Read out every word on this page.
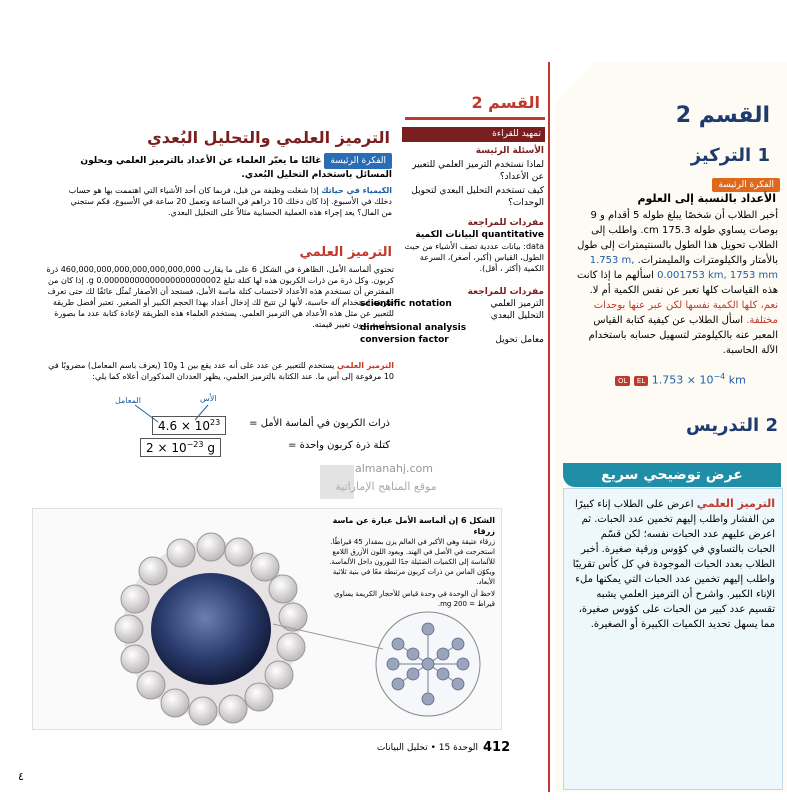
القسم 2
تمهيد للقراءة
الأسئلة الرئيسة
لماذا نستخدم الترميز العلمي للتعبير عن الأعداد؟
كيف تستخدم التحليل البعدي لتحويل الوحدات؟
مفردات للمراجعة
quantitative البيانات الكمية
data: بيانات عددية تصف الأشياء من حيث الطول، القياس (أكبر، أصغر)، السرعة الكمية (أكثر ، أقل).
مفردات للمراجعة
الترميز العلمي
scientific notation
التحليل البعدي
dimensional analysis
معامل تحويل
conversion factor
الترميز العلمي والتحليل البُعدي
الفكرة الرئيسة غالبًا ما يعبّر العلماء عن الأعداد بالترميز العلمي ويحلون المسائل باستخدام التحليل البُعدي.
الكيمياء في حياتك إذا شغلت وظيفة من قبل، فربما كان أحد الأشياء التي اهتممت بها هو حساب دخلك في الأسبوع. إذا كان دخلك 10 دراهم في الساعة وتعمل 20 ساعة في الأسبوع، فكم ستجني من المال؟ يعد إجراء هذه العملية الحسابية مثالاً على التحليل البعدي.
الترميز العلمي
تحتوي ألماسة الأمل، الظاهرة في الشكل 6 على ما يقارب 460,000,000,000,000,000,000,000 ذرة كربون. وكل ذرة من ذرات الكربون هذه لها كتلة تبلغ 0.00000000000000000000002 g. إذا كان من المفترض أن تستخدم هذه الأعداد لاحتساب كتلة ماسة الأمل، فستجد أن الأصفار تُمثّل عائقًا لك حتى تعرف طريقة استخدام آلة حاسبة، لأنها لن تتيح لك إدخال أعداد بهذا الحجم الكبير أو الصغير. تعتبر أفضل طريقة للتعبير عن مثل هذه الأعداد هي الترميز العلمي. يستخدم العلماء هذه الطريقة لإعادة كتابة عدد ما بصورة مناسبة بدون تغيير قيمته.
الترميز العلمي يستخدم للتعبير عن عدد على أنه عدد يقع بين 1 و10 (يعرف باسم المعامل) مضروبًا في 10 مرفوعة إلى أس ما. عند الكتابة بالترميز العلمي، يظهر العددان المذكوران أعلاه كما يلي:
المعامل	الأس
ذرات الكربون في ألماسة الأمل =
$4.6 \times 10^{23}$
كتلة ذرة كربون واحدة =
$2 \times 10^{-23}$ g
almanahj.com
موقع المناهج الإماراتية
الشكل 6 إن ألماسة الأمل عبارة عن ماسة زرقاء
زرقاء عتيقة وهي الأكبر في العالم يزن بمقدار 45 قيراطًا. استخرجت في الأصل في الهند. ويعود اللون الأزرق اللامع للألماسة إلى الكميات الضئيلة جدًا للبورون داخل الألماسة. ويكوّن الماس من ذرات كربون مرتبطة معًا في بنية ثلاثية الأبعاد.
لاحظ أن الوحدة في وحدة قياس للأحجار الكريمة يساوي قيراط = 200 mg.
412
الوحدة 15 • تحليل البيانات
٤
القسم 2
1 التركيز
الفكرة الرئيسة
الأعداد بالنسبة إلى العلوم
أخبر الطلاب أن شخصًا يبلغ طوله 5 أقدام و 9 بوصات يساوي طوله 175.3 cm. واطلب إلى الطلاب تحويل هذا الطول بالسنتيمترات إلى طول بالأمتار والكيلومترات والمليمترات. 1.753 m, 0.001753 km, 1753 mm اسألهم ما إذا كانت هذه القياسات كلها تعبر عن نفس الكمية أم لا. نعم، كلها الكمية نفسها لكن عبر عنها بوحدات مختلفة. اسأل الطلاب عن كيفية كتابة القياس المعبر عنه بالكيلومتر لتسهيل حسابه باستخدام الآلة الحاسبة.
OL EL $1.753 \times 10^{-4}$ km
2 التدريس
عرض توضيحي سريع
الترميز العلمي اعرض على الطلاب إناء كبيرًا من الفشار واطلب إليهم تخمين عدد الحبات. ثم اعرض عليهم عدد الحبات نفسه؛ لكن قسّم الحبات بالتساوي في كؤوس ورقية صغيرة. أخبر الطلاب بعدد الحبات الموجودة في كل كأس تقريبًا واطلب إليهم تخمين عدد الحبات التي يمكنها ملء الإناء الكبير. واشرح أن الترميز العلمي يشبه تقسيم عدد كبير من الحبات على كؤوس صغيرة، مما يسهل تحديد الكميات الكبيرة أو الصغيرة.
